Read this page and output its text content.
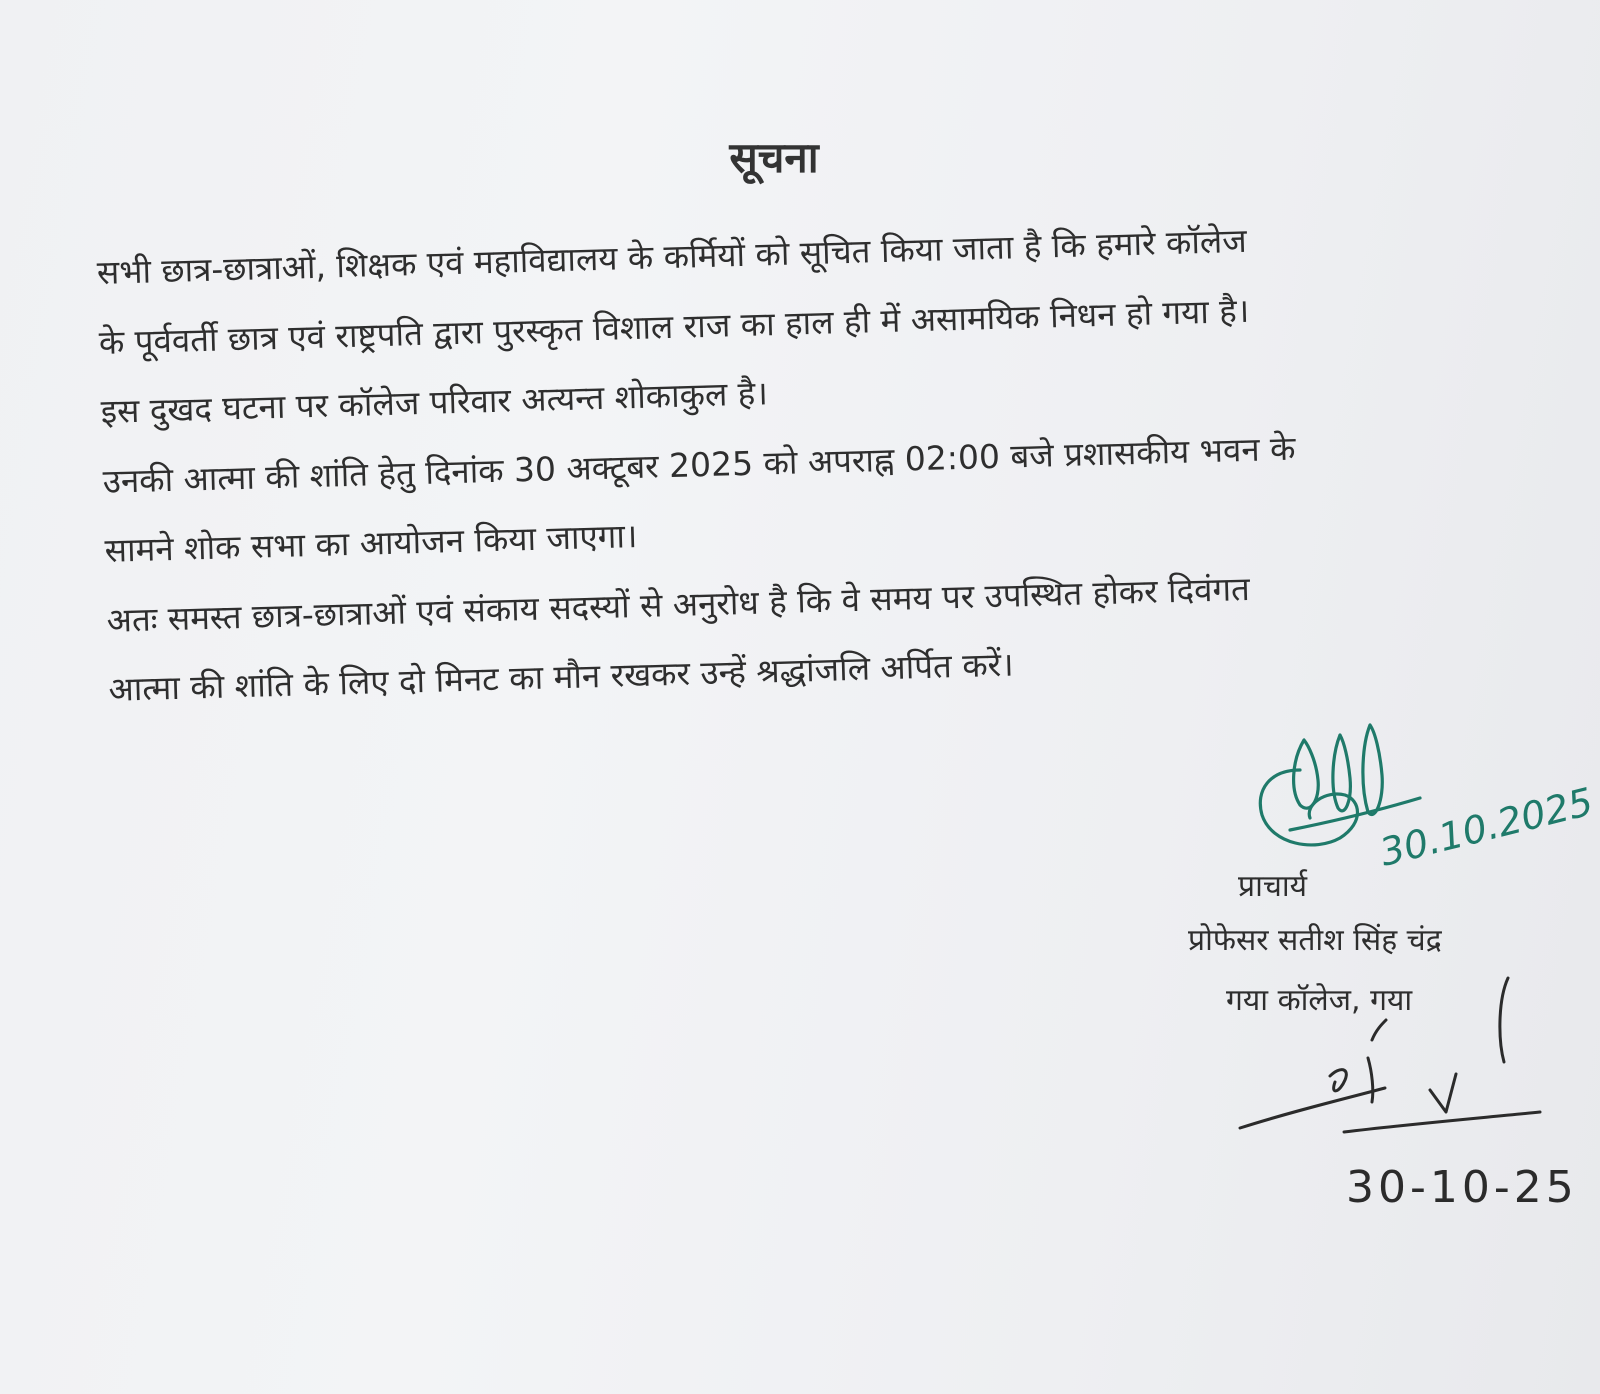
सूचना
सभी छात्र-छात्राओं, शिक्षक एवं महाविद्यालय के कर्मियों को सूचित किया जाता है कि हमारे कॉलेज
के पूर्ववर्ती छात्र एवं राष्ट्रपति द्वारा पुरस्कृत विशाल राज का हाल ही में असामयिक निधन हो गया है।
इस दुखद घटना पर कॉलेज परिवार अत्यन्त शोकाकुल है।
उनकी आत्मा की शांति हेतु दिनांक 30 अक्टूबर 2025 को अपराह्न 02:00 बजे प्रशासकीय भवन के
सामने शोक सभा का आयोजन किया जाएगा।
अतः समस्त छात्र-छात्राओं एवं संकाय सदस्यों से अनुरोध है कि वे समय पर उपस्थित होकर दिवंगत
आत्मा की शांति के लिए दो मिनट का मौन रखकर उन्हें श्रद्धांजलि अर्पित करें।
प्राचार्य
प्रोफेसर सतीश सिंह चंद्र
गया कॉलेज, गया
30.10.2025
30-10-25
